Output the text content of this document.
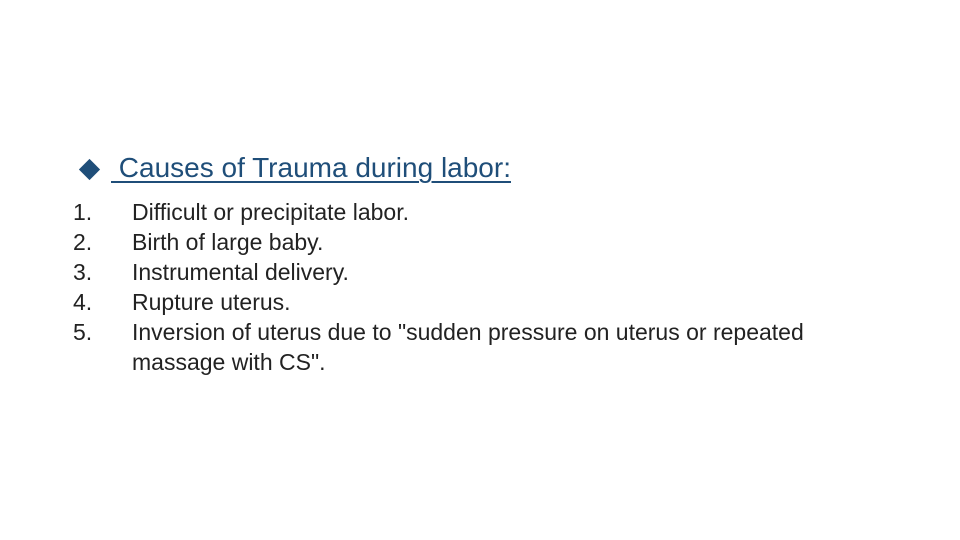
Causes of Trauma during labor:
1.	Difficult or precipitate labor.
2.	Birth of large baby.
3.	Instrumental delivery.
4.	Rupture uterus.
5.	Inversion of uterus due to "sudden pressure on uterus or repeated massage with CS".
